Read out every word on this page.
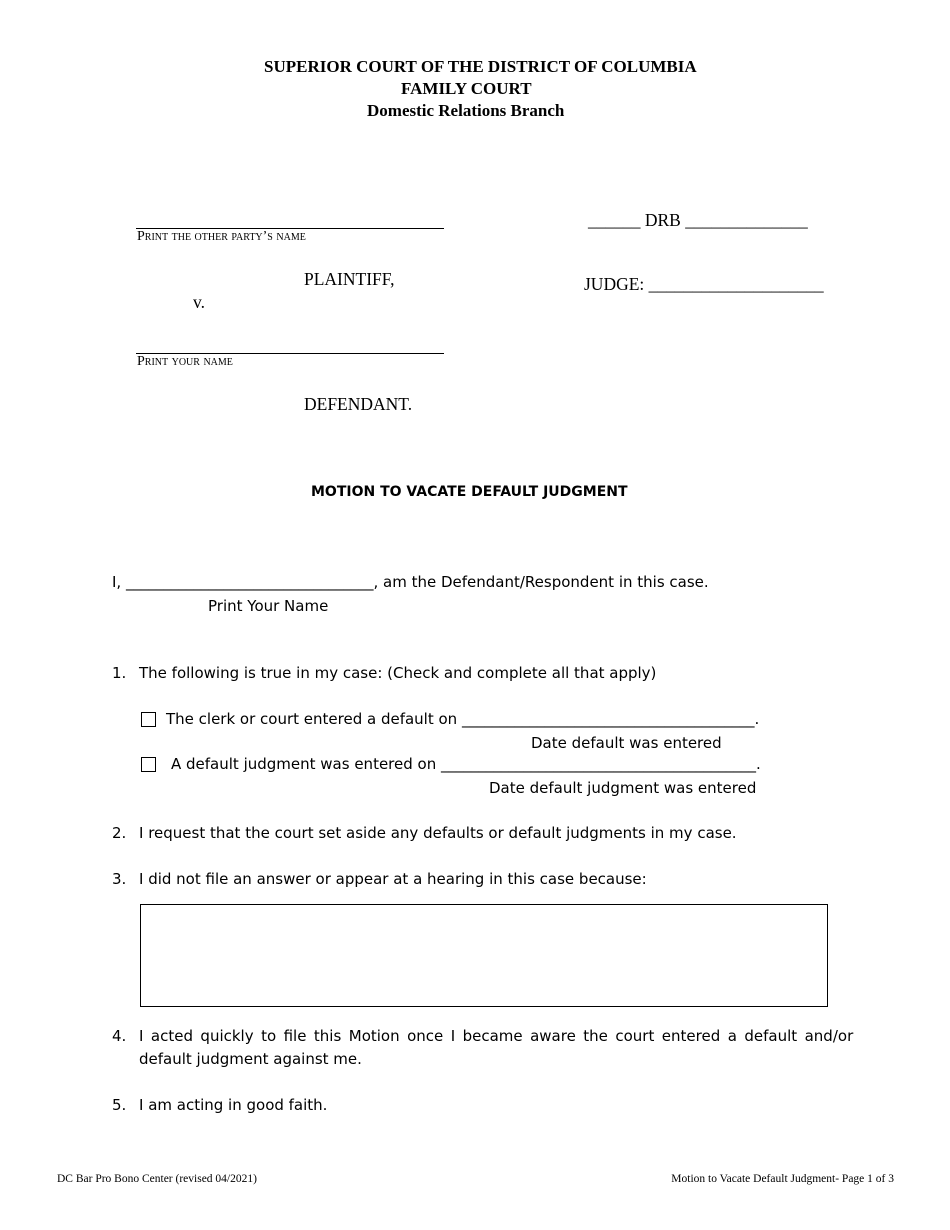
SUPERIOR COURT OF THE DISTRICT OF COLUMBIA
FAMILY COURT
Domestic Relations Branch
Print the other party’s name
PLAINTIFF,
v.
Print your name
DEFENDANT.
______ DRB ______________
JUDGE: ____________________
MOTION TO VACATE DEFAULT JUDGMENT
I, _________________________________, am the Defendant/Respondent in this case.
Print Your Name
1. The following is true in my case: (Check and complete all that apply)
The clerk or court entered a default on _______________________________________.
Date default was entered
A default judgment was entered on __________________________________________.
Date default judgment was entered
2. I request that the court set aside any defaults or default judgments in my case.
3. I did not file an answer or appear at a hearing in this case because:
4. I acted quickly to file this Motion once I became aware the court entered a default and/or
default judgment against me.
5. I am acting in good faith.
DC Bar Pro Bono Center (revised 04/2021)	Motion to Vacate Default Judgment- Page 1 of 3
